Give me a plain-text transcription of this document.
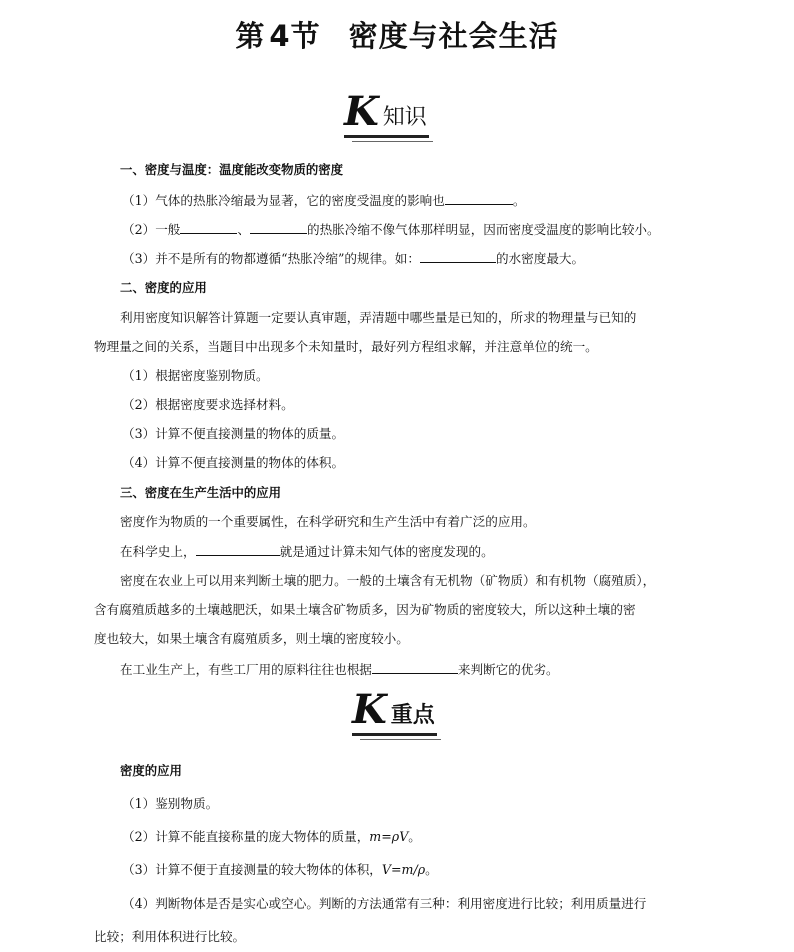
第 4节 密度与社会生活
K 知识
一、密度与温度：温度能改变物质的密度
（1）气体的热胀冷缩最为显著，它的密度受温度的影响也	。
（2）一般	、	的热胀冷缩不像气体那样明显，因而密度受温度的影响比较小。
（3）并不是所有的物都遵循“热胀冷缩”的规律。如：	的水密度最大。
二、密度的应用
利用密度知识解答计算题一定要认真审题，弄清题中哪些量是已知的，所求的物理量与已知的
物理量之间的关系，当题目中出现多个未知量时，最好列方程组求解，并注意单位的统一。
（1）根据密度鉴别物质。
（2）根据密度要求选择材料。
（3）计算不便直接测量的物体的质量。
（4）计算不便直接测量的物体的体积。
三、密度在生产生活中的应用
密度作为物质的一个重要属性，在科学研究和生产生活中有着广泛的应用。
在科学史上，	就是通过计算未知气体的密度发现的。
密度在农业上可以用来判断土壤的肥力。一般的土壤含有无机物（矿物质）和有机物（腐殖质），
含有腐殖质越多的土壤越肥沃，如果土壤含矿物质多，因为矿物质的密度较大，所以这种土壤的密
度也较大，如果土壤含有腐殖质多，则土壤的密度较小。
在工业生产上，有些工厂用的原料往往也根据	来判断它的优劣。
K 重点
密度的应用
（1）鉴别物质。
（2）计算不能直接称量的庞大物体的质量，m=ρV。
（3）计算不便于直接测量的较大物体的体积，V=m/ρ。
（4）判断物体是否是实心或空心。判断的方法通常有三种：利用密度进行比较；利用质量进行
比较；利用体积进行比较。
